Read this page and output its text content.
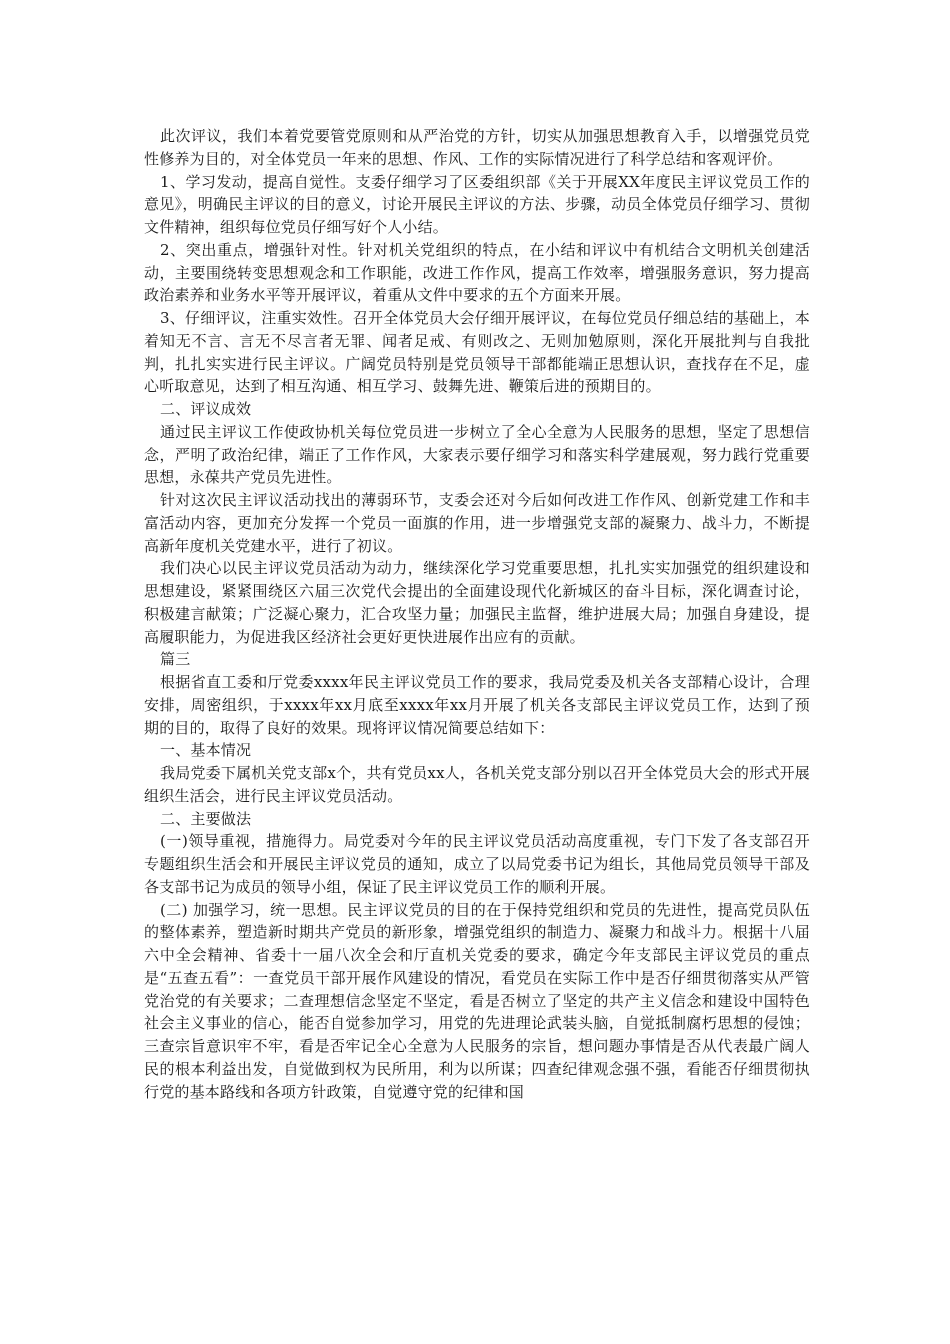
此次评议，我们本着党要管党原则和从严治党的方针，切实从加强思想教育入手，以增强党员党性修养为目的，对全体党员一年来的思想、作风、工作的实际情况进行了科学总结和客观评价。

1、学习发动，提高自觉性。支委仔细学习了区委组织部《关于开展XX年度民主评议党员工作的意见》，明确民主评议的目的意义，讨论开展民主评议的方法、步骤，动员全体党员仔细学习、贯彻文件精神，组织每位党员仔细写好个人小结。

2、突出重点，增强针对性。针对机关党组织的特点，在小结和评议中有机结合文明机关创建活动，主要围绕转变思想观念和工作职能，改进工作作风，提高工作效率，增强服务意识，努力提高政治素养和业务水平等开展评议，着重从文件中要求的五个方面来开展。

3、仔细评议，注重实效性。召开全体党员大会仔细开展评议，在每位党员仔细总结的基础上，本着知无不言、言无不尽言者无罪、闻者足戒、有则改之、无则加勉原则，深化开展批判与自我批判，扎扎实实进行民主评议。广阔党员特别是党员领导干部都能端正思想认识，查找存在不足，虚心听取意见，达到了相互沟通、相互学习、鼓舞先进、鞭策后进的预期目的。

二、评议成效

通过民主评议工作使政协机关每位党员进一步树立了全心全意为人民服务的思想，坚定了思想信念，严明了政治纪律，端正了工作作风，大家表示要仔细学习和落实科学建展观，努力践行党重要思想，永葆共产党员先进性。

针对这次民主评议活动找出的薄弱环节，支委会还对今后如何改进工作作风、创新党建工作和丰富活动内容，更加充分发挥一个党员一面旗的作用，进一步增强党支部的凝聚力、战斗力，不断提高新年度机关党建水平，进行了初议。

我们决心以民主评议党员活动为动力，继续深化学习党重要思想，扎扎实实加强党的组织建设和思想建设，紧紧围绕区六届三次党代会提出的全面建设现代化新城区的奋斗目标，深化调查讨论，积极建言献策；广泛凝心聚力，汇合攻坚力量；加强民主监督，维护进展大局；加强自身建设，提高履职能力，为促进我区经济社会更好更快进展作出应有的贡献。

篇三

根据省直工委和厅党委xxxx年民主评议党员工作的要求，我局党委及机关各支部精心设计，合理安排，周密组织，于xxxx年xx月底至xxxx年xx月开展了机关各支部民主评议党员工作，达到了预期的目的，取得了良好的效果。现将评议情况简要总结如下：

一、基本情况

我局党委下属机关党支部x个，共有党员xx人，各机关党支部分别以召开全体党员大会的形式开展组织生活会，进行民主评议党员活动。

二、主要做法

(一)领导重视，措施得力。局党委对今年的民主评议党员活动高度重视，专门下发了各支部召开专题组织生活会和开展民主评议党员的通知，成立了以局党委书记为组长，其他局党员领导干部及各支部书记为成员的领导小组，保证了民主评议党员工作的顺利开展。

(二) 加强学习，统一思想。民主评议党员的目的在于保持党组织和党员的先进性，提高党员队伍的整体素养，塑造新时期共产党员的新形象，增强党组织的制造力、凝聚力和战斗力。根据十八届六中全会精神、省委十一届八次全会和厅直机关党委的要求，确定今年支部民主评议党员的重点是“五查五看”：一查党员干部开展作风建设的情况，看党员在实际工作中是否仔细贯彻落实从严管党治党的有关要求；二查理想信念坚定不坚定，看是否树立了坚定的共产主义信念和建设中国特色社会主义事业的信心，能否自觉参加学习，用党的先进理论武装头脑，自觉抵制腐朽思想的侵蚀；三查宗旨意识牢不牢，看是否牢记全心全意为人民服务的宗旨，想问题办事情是否从代表最广阔人民的根本利益出发，自觉做到权为民所用，利为以所谋；四查纪律观念强不强，看能否仔细贯彻执行党的基本路线和各项方针政策，自觉遵守党的纪律和国
